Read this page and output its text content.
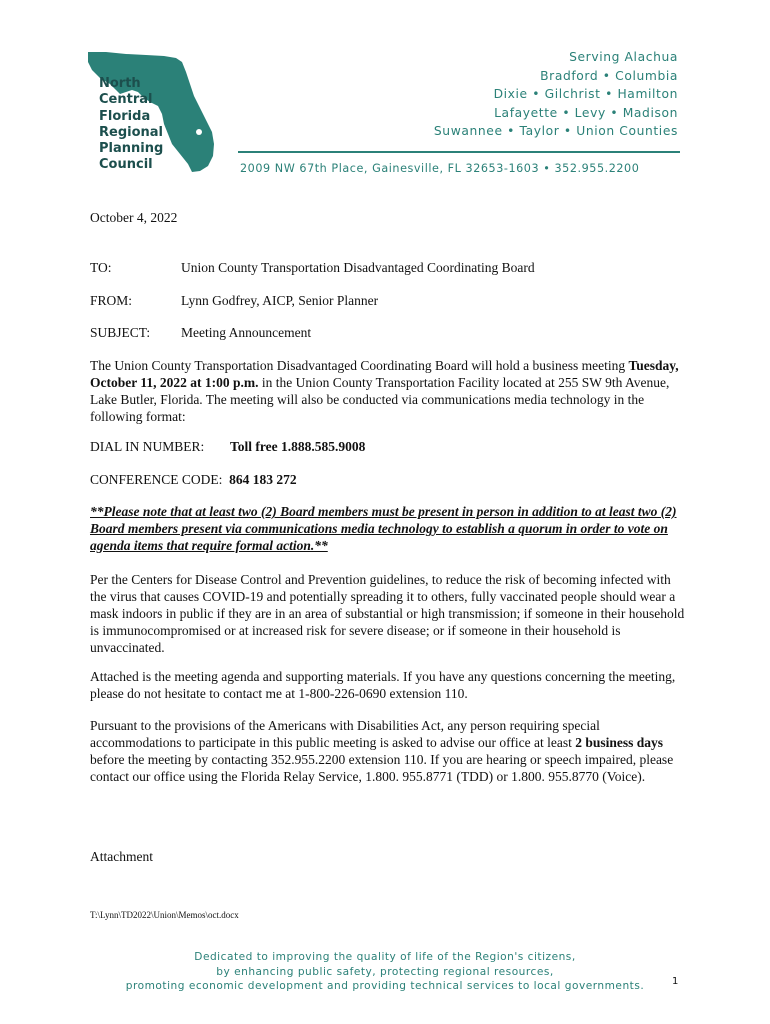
North
Central
Florida
Regional
Planning
Council
Serving Alachua
Bradford • Columbia
Dixie • Gilchrist • Hamilton
Lafayette • Levy • Madison
Suwannee • Taylor • Union Counties
2009 NW 67th Place, Gainesville, FL 32653-1603 • 352.955.2200
October 4, 2022
TO:	Union County Transportation Disadvantaged Coordinating Board
FROM:	Lynn Godfrey, AICP, Senior Planner
SUBJECT: Meeting Announcement
The Union County Transportation Disadvantaged Coordinating Board will hold a business meeting Tuesday, October 11, 2022 at 1:00 p.m. in the Union County Transportation Facility located at 255 SW 9th Avenue, Lake Butler, Florida. The meeting will also be conducted via communications media technology in the following format:
DIAL IN NUMBER: Toll free 1.888.585.9008
CONFERENCE CODE: 864 183 272
**Please note that at least two (2) Board members must be present in person in addition to at least two (2) Board members present via communications media technology to establish a quorum in order to vote on agenda items that require formal action.**
Per the Centers for Disease Control and Prevention guidelines, to reduce the risk of becoming infected with the virus that causes COVID-19 and potentially spreading it to others, fully vaccinated people should wear a mask indoors in public if they are in an area of substantial or high transmission; if someone in their household is immunocompromised or at increased risk for severe disease; or if someone in their household is unvaccinated.
Attached is the meeting agenda and supporting materials. If you have any questions concerning the meeting, please do not hesitate to contact me at 1-800-226-0690 extension 110.
Pursuant to the provisions of the Americans with Disabilities Act, any person requiring special accommodations to participate in this public meeting is asked to advise our office at least 2 business days before the meeting by contacting 352.955.2200 extension 110. If you are hearing or speech impaired, please contact our office using the Florida Relay Service, 1.800. 955.8771 (TDD) or 1.800. 955.8770 (Voice).
Attachment
T:\Lynn\TD2022\Union\Memos\oct.docx
Dedicated to improving the quality of life of the Region's citizens,
by enhancing public safety, protecting regional resources,
promoting economic development and providing technical services to local governments.	1
